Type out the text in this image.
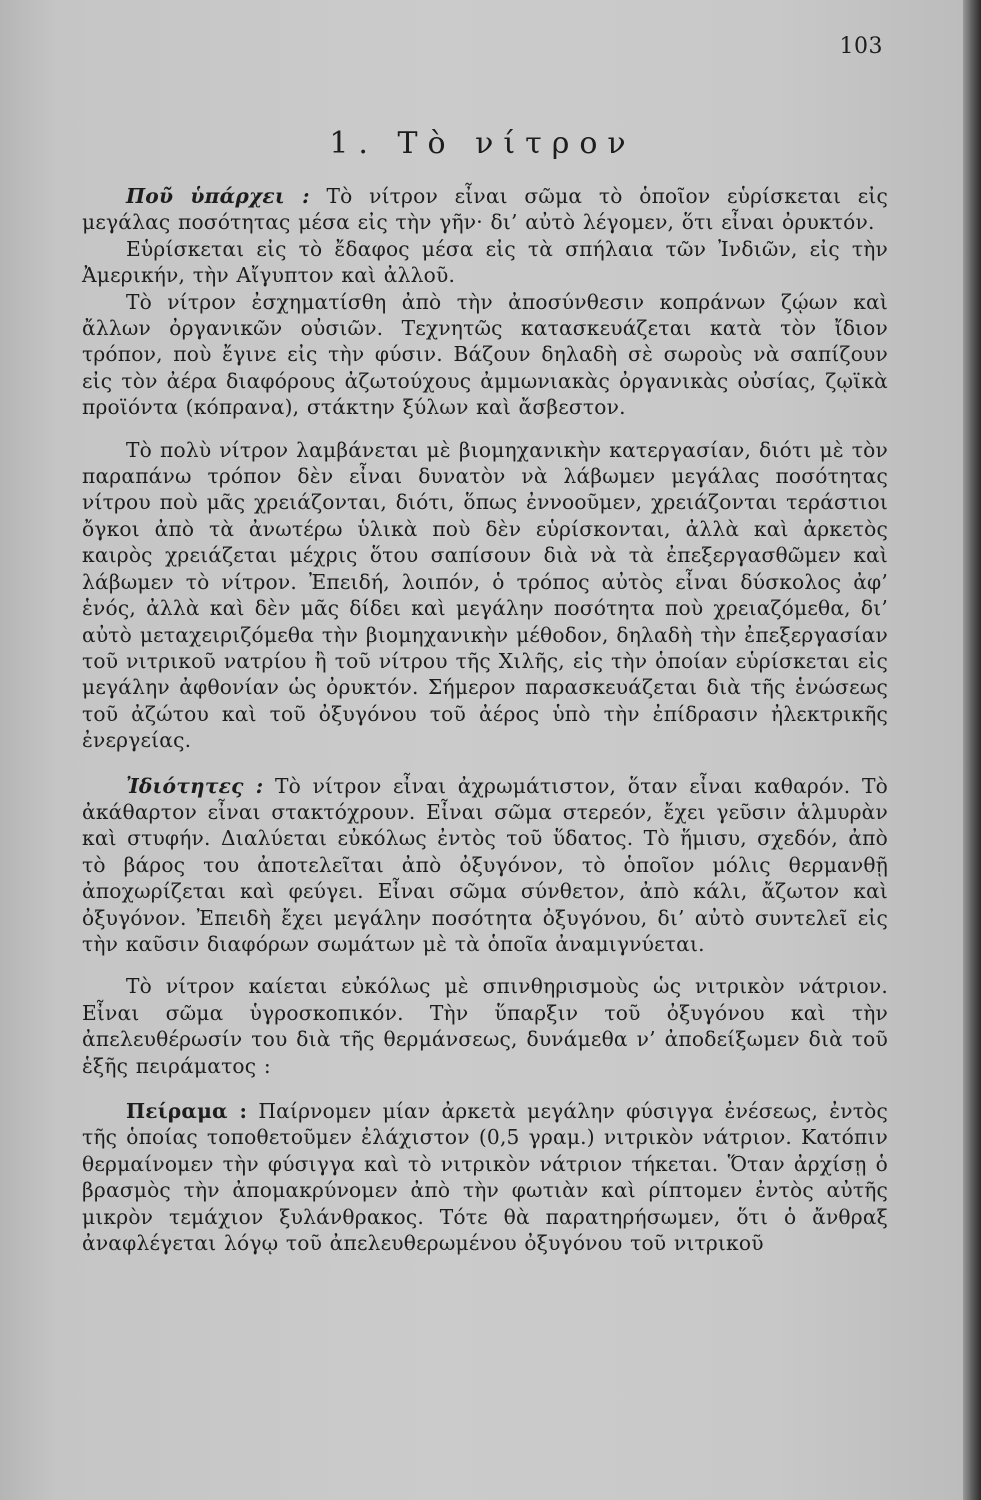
103
1. Τὸ νίτρον

Ποῦ ὑπάρχει : Τὸ νίτρον εἶναι σῶμα τὸ ὁποῖον εὑρίσκεται εἰς μεγάλας ποσότητας μέσα εἰς τὴν γῆν· δι’ αὐτὸ λέγομεν, ὅτι εἶναι ὀρυκτόν.

Εὑρίσκεται εἰς τὸ ἔδαφος μέσα εἰς τὰ σπήλαια τῶν Ἰνδιῶν, εἰς τὴν Ἀμερικήν, τὴν Αἴγυπτον καὶ ἀλλοῦ.

Τὸ νίτρον ἐσχηματίσθη ἀπὸ τὴν ἀποσύνθεσιν κοπράνων ζῴων καὶ ἄλλων ὀργανικῶν οὐσιῶν. Τεχνητῶς κατασκευάζεται κατὰ τὸν ἴδιον τρόπον, ποὺ ἔγινε εἰς τὴν φύσιν. Βάζουν δηλαδὴ σὲ σωροὺς νὰ σαπίζουν εἰς τὸν ἀέρα διαφόρους ἀζωτούχους ἀμμωνιακὰς ὀργανικὰς οὐσίας, ζῳϊκὰ προϊόντα (κόπρανα), στάκτην ξύλων καὶ ἄσβεστον.

Τὸ πολὺ νίτρον λαμβάνεται μὲ βιομηχανικὴν κατεργασίαν, διότι μὲ τὸν παραπάνω τρόπον δὲν εἶναι δυνατὸν νὰ λάβωμεν μεγάλας ποσότητας νίτρου ποὺ μᾶς χρειάζονται, διότι, ὅπως ἐννοοῦμεν, χρειάζονται τεράστιοι ὄγκοι ἀπὸ τὰ ἀνωτέρω ὑλικὰ ποὺ δὲν εὑρίσκονται, ἀλλὰ καὶ ἀρκετὸς καιρὸς χρειάζεται μέχρις ὅτου σαπίσουν διὰ νὰ τὰ ἐπεξεργασθῶμεν καὶ λάβωμεν τὸ νίτρον. Ἐπειδή, λοιπόν, ὁ τρόπος αὐτὸς εἶναι δύσκολος ἀφ’ ἑνός, ἀλλὰ καὶ δὲν μᾶς δίδει καὶ μεγάλην ποσότητα ποὺ χρειαζόμεθα, δι’ αὐτὸ μεταχειριζόμεθα τὴν βιομηχανικὴν μέθοδον, δηλαδὴ τὴν ἐπεξεργασίαν τοῦ νιτρικοῦ νατρίου ἢ τοῦ νίτρου τῆς Χιλῆς, εἰς τὴν ὁποίαν εὑρίσκεται εἰς μεγάλην ἀφθονίαν ὡς ὀρυκτόν. Σήμερον παρασκευάζεται διὰ τῆς ἑνώσεως τοῦ ἀζώτου καὶ τοῦ ὀξυγόνου τοῦ ἀέρος ὑπὸ τὴν ἐπίδρασιν ἠλεκτρικῆς ἐνεργείας.

Ἰδιότητες : Τὸ νίτρον εἶναι ἀχρωμάτιστον, ὅταν εἶναι καθαρόν. Τὸ ἀκάθαρτον εἶναι στακτόχρουν. Εἶναι σῶμα στερεόν, ἔχει γεῦσιν ἁλμυρὰν καὶ στυφήν. Διαλύεται εὐκόλως ἐντὸς τοῦ ὕδατος. Τὸ ἥμισυ, σχεδόν, ἀπὸ τὸ βάρος του ἀποτελεῖται ἀπὸ ὀξυγόνον, τὸ ὁποῖον μόλις θερμανθῇ ἀποχωρίζεται καὶ φεύγει. Εἶναι σῶμα σύνθετον, ἀπὸ κάλι, ἄζωτον καὶ ὀξυγόνον. Ἐπειδὴ ἔχει μεγάλην ποσότητα ὀξυγόνου, δι’ αὐτὸ συντελεῖ εἰς τὴν καῦσιν διαφόρων σωμάτων μὲ τὰ ὁποῖα ἀναμιγνύεται.

Τὸ νίτρον καίεται εὐκόλως μὲ σπινθηρισμοὺς ὡς νιτρικὸν νάτριον. Εἶναι σῶμα ὑγροσκοπικόν. Τὴν ὕπαρξιν τοῦ ὀξυγόνου καὶ τὴν ἀπελευθέρωσίν του διὰ τῆς θερμάνσεως, δυνάμεθα ν’ ἀποδείξωμεν διὰ τοῦ ἑξῆς πειράματος :

Πείραμα : Παίρνομεν μίαν ἀρκετὰ μεγάλην φύσιγγα ἐνέσεως, ἐντὸς τῆς ὁποίας τοποθετοῦμεν ἐλάχιστον (0,5 γραμ.) νιτρικὸν νάτριον. Κατόπιν θερμαίνομεν τὴν φύσιγγα καὶ τὸ νιτρικὸν νάτριον τήκεται. Ὅταν ἀρχίσῃ ὁ βρασμὸς τὴν ἀπομακρύνομεν ἀπὸ τὴν φωτιὰν καὶ ρίπτομεν ἐντὸς αὐτῆς μικρὸν τεμάχιον ξυλάνθρακος. Τότε θὰ παρατηρήσωμεν, ὅτι ὁ ἄνθραξ ἀναφλέγεται λόγῳ τοῦ ἀπελευθερωμένου ὀξυγόνου τοῦ νιτρικοῦ
